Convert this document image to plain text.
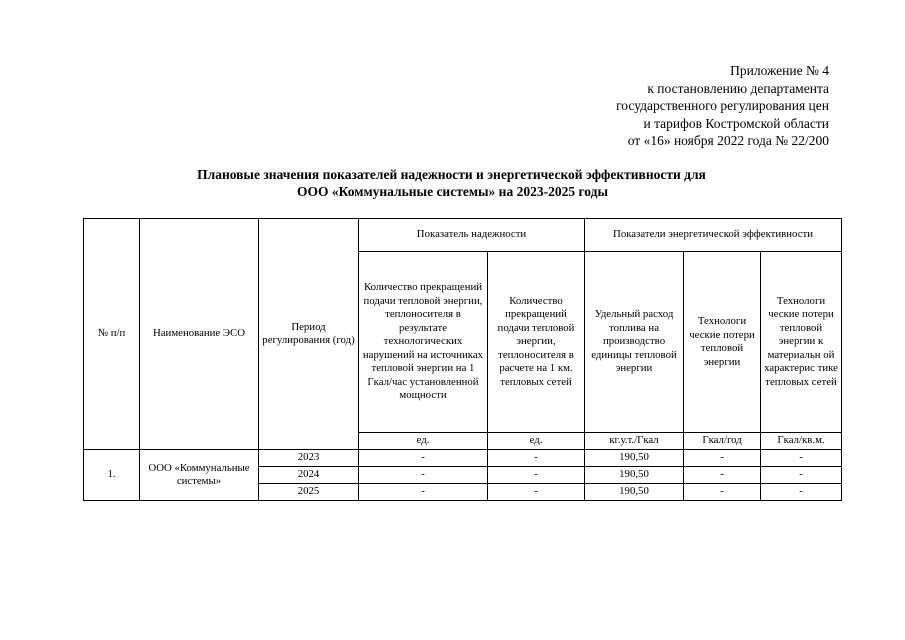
Приложение № 4
к постановлению департамента
государственного регулирования цен
и тарифов Костромской области
от «16» ноября 2022 года № 22/200
Плановые значения показателей надежности и энергетической эффективности для
ООО «Коммунальные системы» на 2023-2025 годы
№ п/п	Наименование ЭСО	Период регулирования (год)	Показатель надежности		Показатели энергетической эффективности		
			Количество прекращений подачи тепловой энергии, теплоносителя в результате технологических нарушений на источниках тепловой энергии на 1 Гкал/час установленной мощности	Количество прекращений подачи тепловой энергии, теплоносителя в расчете на 1 км. тепловых сетей	Удельный расход топлива на производство единицы тепловой энергии	Технологи ческие потери тепловой энергии	Технологи ческие потери тепловой энергии к материальн ой характерис тике тепловых сетей
			ед.	ед.	кг.у.т./Гкал	Гкал/год	Гкал/кв.м.
1.	ООО «Коммунальные системы»	2023	-	-	190,50	-	-
		2024	-	-	190,50	-	-
		2025	-	-	190,50	-	-
